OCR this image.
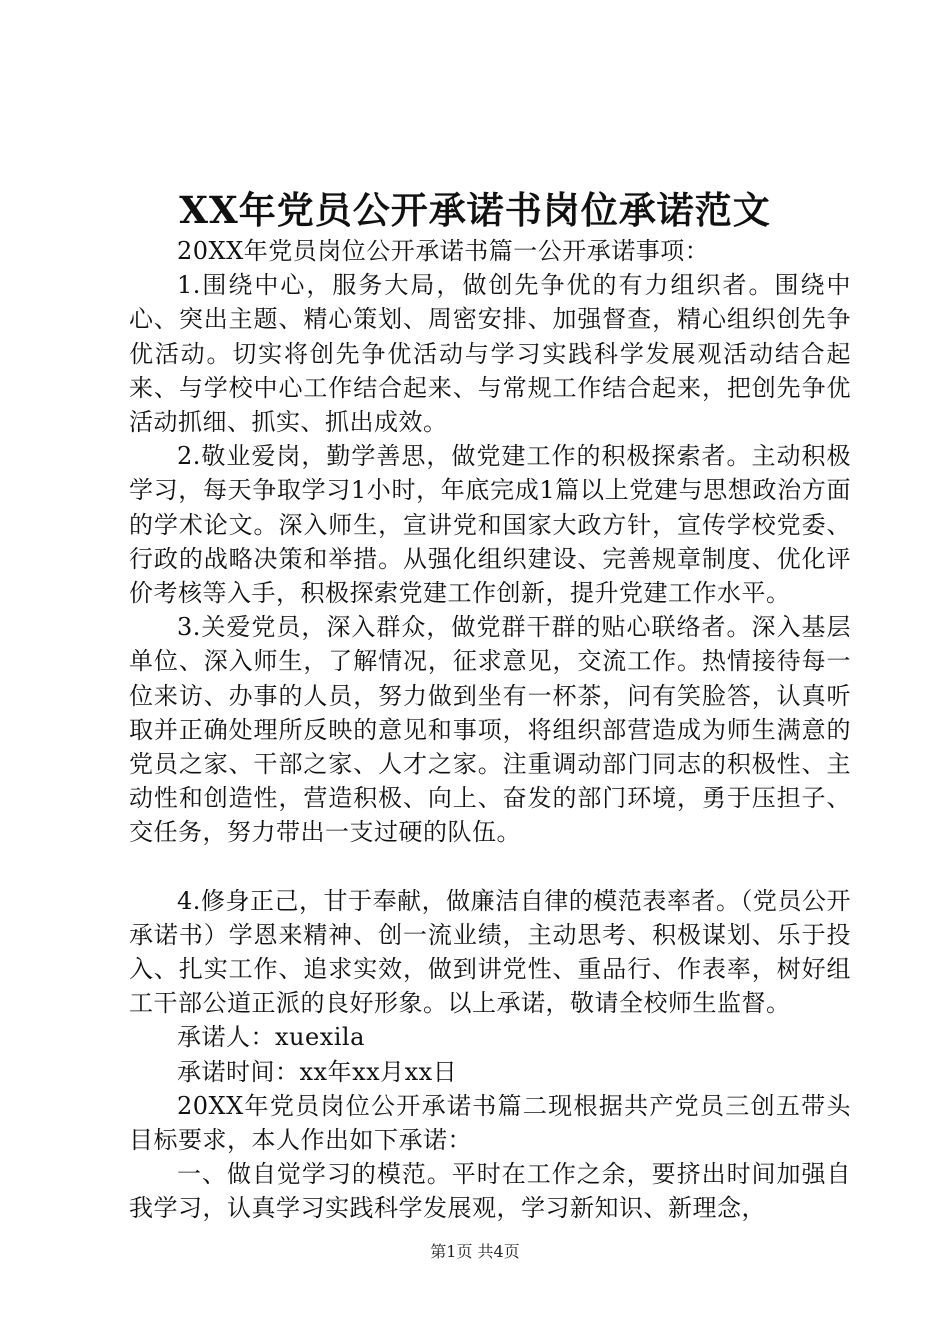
XX年党员公开承诺书岗位承诺范文

20XX年党员岗位公开承诺书篇一公开承诺事项：

1.围绕中心，服务大局，做创先争优的有力组织者。围绕中心、突出主题、精心策划、周密安排、加强督查，精心组织创先争优活动。切实将创先争优活动与学习实践科学发展观活动结合起来、与学校中心工作结合起来、与常规工作结合起来，把创先争优活动抓细、抓实、抓出成效。

2.敬业爱岗，勤学善思，做党建工作的积极探索者。主动积极学习，每天争取学习1小时，年底完成1篇以上党建与思想政治方面的学术论文。深入师生，宣讲党和国家大政方针，宣传学校党委、行政的战略决策和举措。从强化组织建设、完善规章制度、优化评价考核等入手，积极探索党建工作创新，提升党建工作水平。

3.关爱党员，深入群众，做党群干群的贴心联络者。深入基层单位、深入师生，了解情况，征求意见，交流工作。热情接待每一位来访、办事的人员，努力做到坐有一杯茶，问有笑脸答，认真听取并正确处理所反映的意见和事项，将组织部营造成为师生满意的党员之家、干部之家、人才之家。注重调动部门同志的积极性、主动性和创造性，营造积极、向上、奋发的部门环境，勇于压担子、交任务，努力带出一支过硬的队伍。

4.修身正己，甘于奉献，做廉洁自律的模范表率者。（党员公开承诺书）学恩来精神、创一流业绩，主动思考、积极谋划、乐于投入、扎实工作、追求实效，做到讲党性、重品行、作表率，树好组工干部公道正派的良好形象。以上承诺，敬请全校师生监督。

承诺人：xuexila

承诺时间：xx年xx月xx日

20XX年党员岗位公开承诺书篇二现根据共产党员三创五带头目标要求，本人作出如下承诺：

一、做自觉学习的模范。平时在工作之余，要挤出时间加强自我学习，认真学习实践科学发展观，学习新知识、新理念，

第1页 共4页
